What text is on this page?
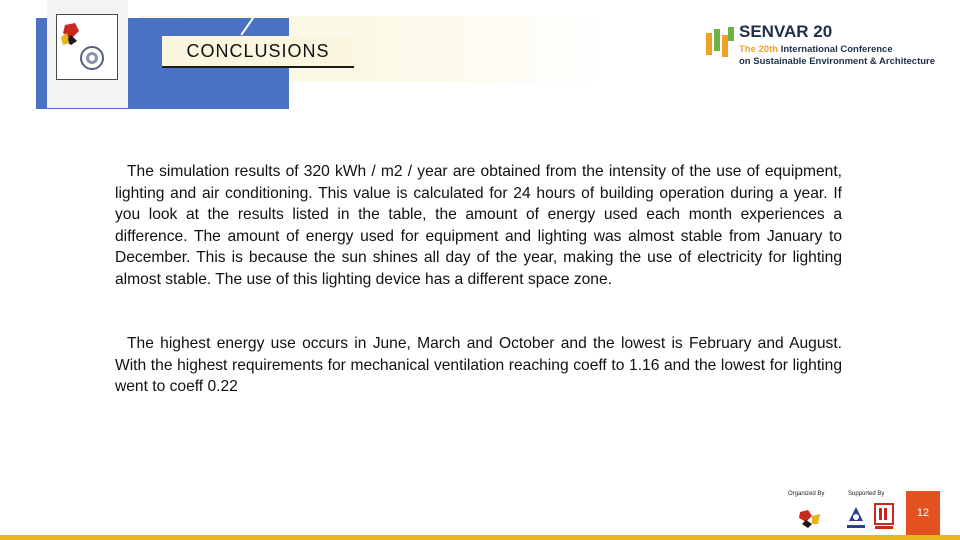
CONCLUSIONS
SENVAR 20
The 20th International Conference
on Sustainable Environment & Architecture

The simulation results of 320 kWh / m2 / year are obtained from the intensity of the use of equipment, lighting and air conditioning. This value is calculated for 24 hours of building operation during a year. If you look at the results listed in the table, the amount of energy used each month experiences a difference. The amount of energy used for equipment and lighting was almost stable from January to December. This is because the sun shines all day of the year, making the use of electricity for lighting almost stable. The use of this lighting device has a different space zone.

The highest energy use occurs in June, March and October and the lowest is February and August. With the highest requirements for mechanical ventilation reaching coeff to 1.16 and the lowest for lighting went to coeff 0.22

Organized By	Supported By
12
